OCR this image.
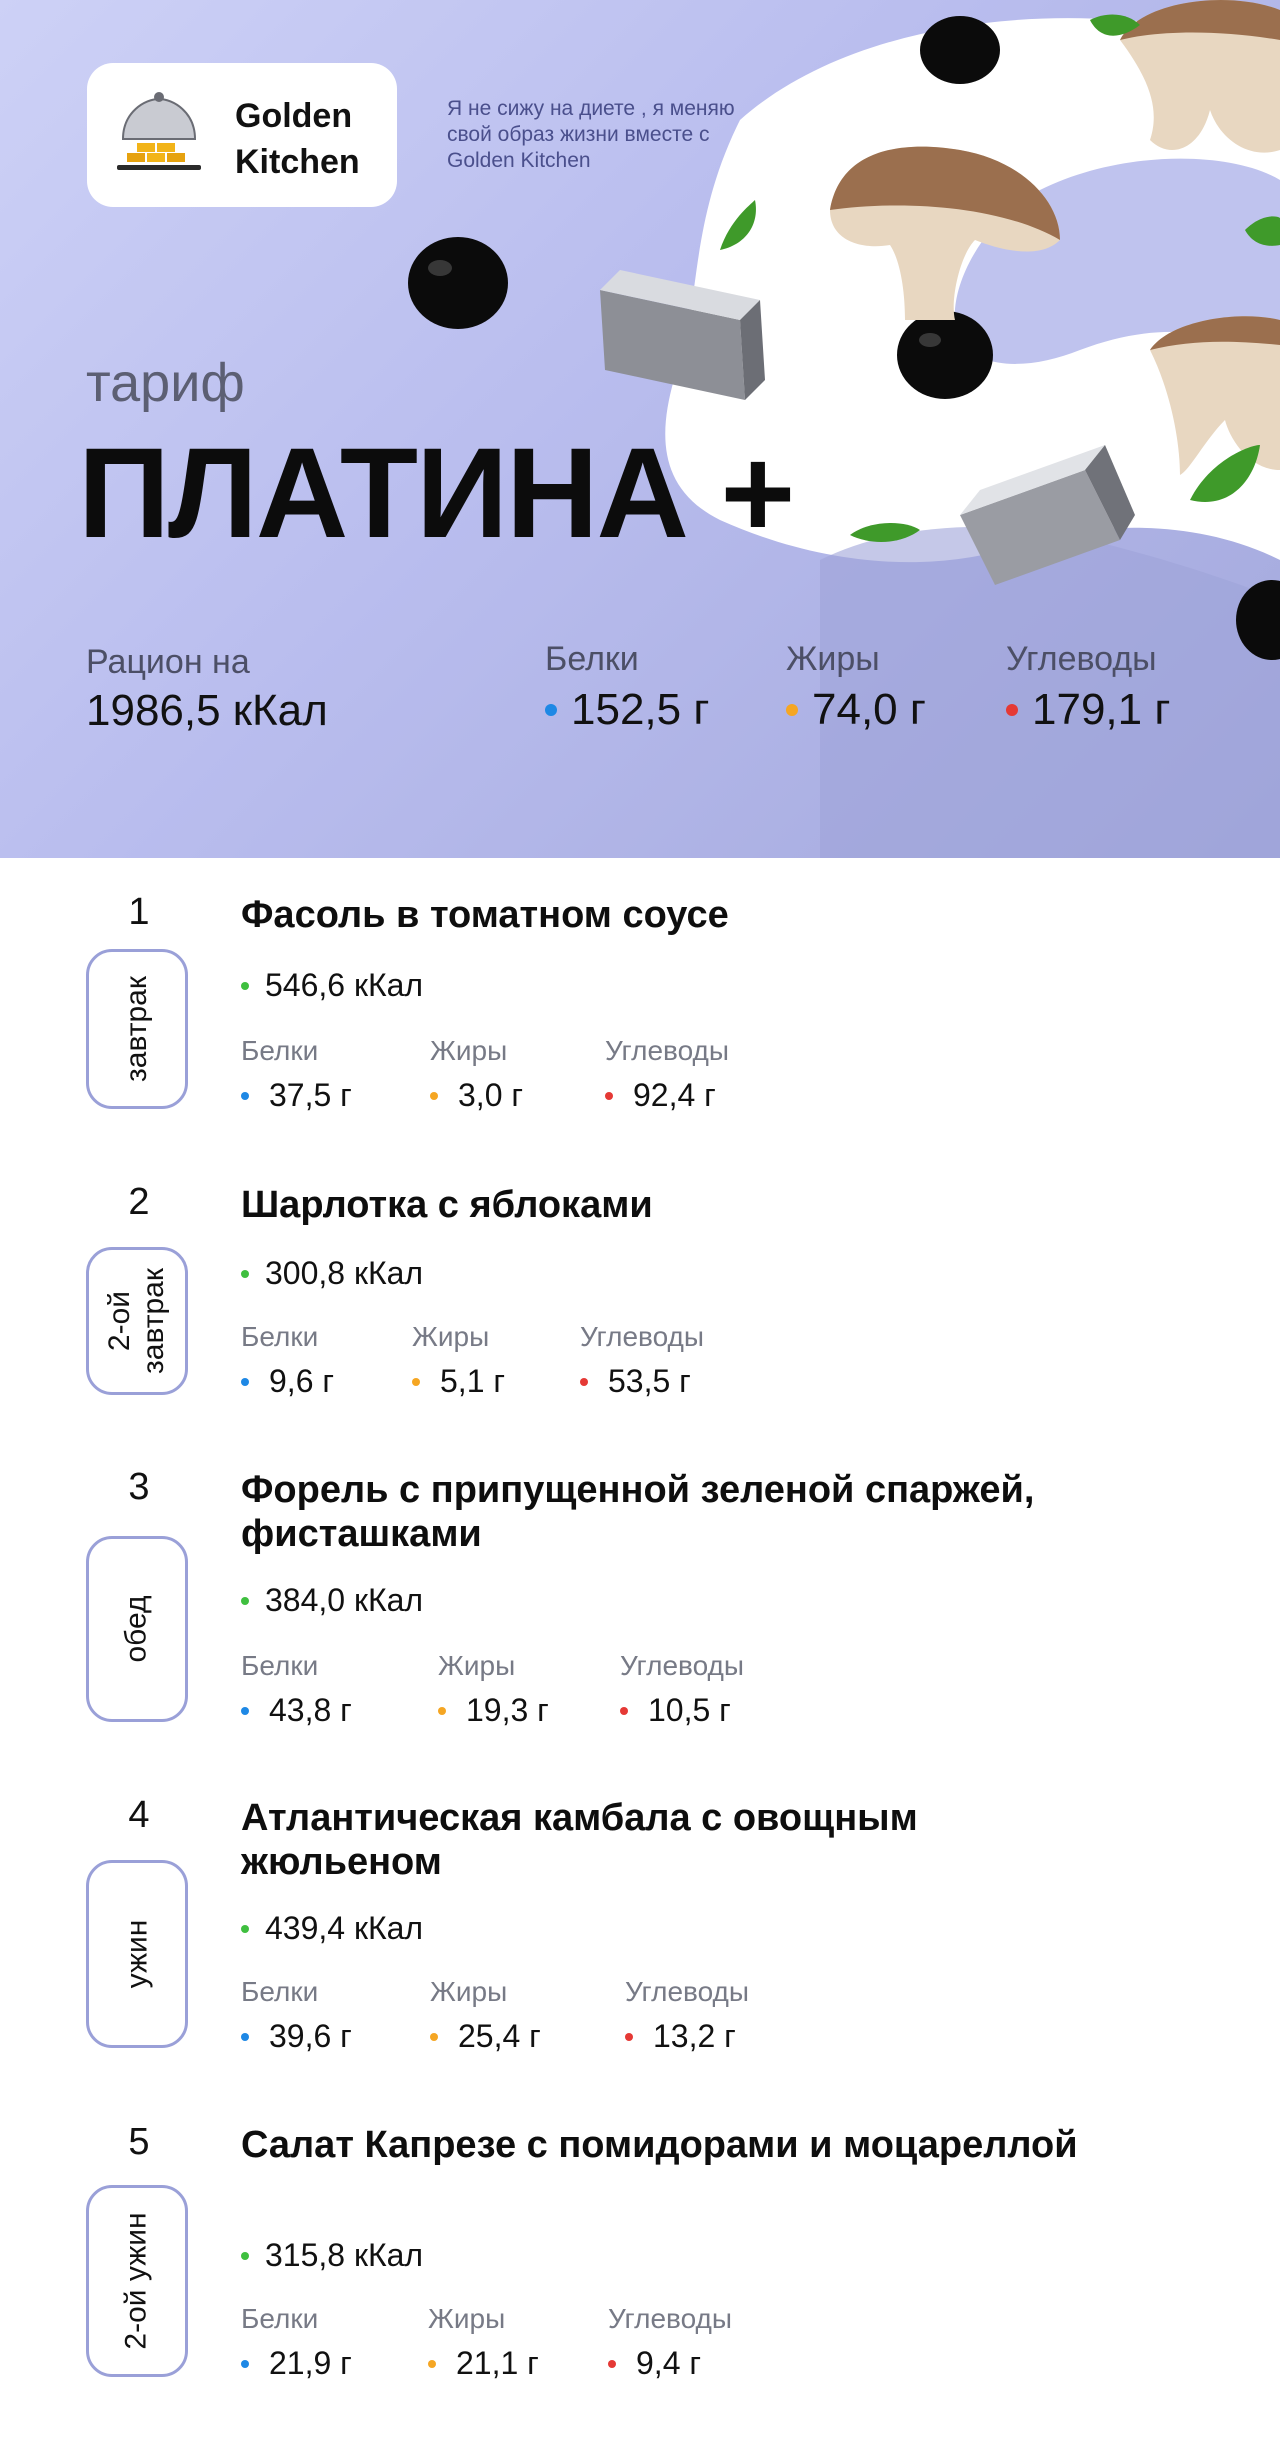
Golden
Kitchen
Я не сижу на диете , я меняю свой образ жизни вместе с Golden Kitchen
тариф
ПЛАТИНА +
Рацион на
1986,5 кКал
Белки
152,5 г
Жиры
74,0 г
Углеводы
179,1 г
1
завтрак
Фасоль в томатном соусе
546,6 кКал
Белки
37,5 г
Жиры
3,0 г
Углеводы
92,4 г
2
2-ой
завтрак
Шарлотка с яблоками
300,8 кКал
Белки
9,6 г
Жиры
5,1 г
Углеводы
53,5 г
3
обед
Форель с припущенной зеленой спаржей, фисташками
384,0 кКал
Белки
43,8 г
Жиры
19,3 г
Углеводы
10,5 г
4
ужин
Атлантическая камбала с овощным жюльеном
439,4 кКал
Белки
39,6 г
Жиры
25,4 г
Углеводы
13,2 г
5
2-ой ужин
Салат Капрезе с помидорами и моцареллой
315,8 кКал
Белки
21,9 г
Жиры
21,1 г
Углеводы
9,4 г
